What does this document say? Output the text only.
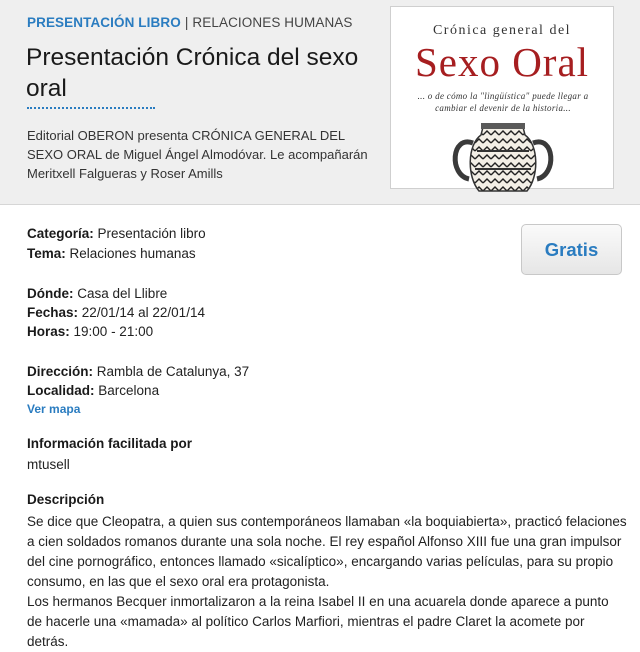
PRESENTACIÓN LIBRO | RELACIONES HUMANAS
Presentación Crónica del sexo oral

Editorial OBERON presenta CRÓNICA GENERAL DEL SEXO ORAL de Miguel Ángel Almodóvar. Le acompañarán Meritxell Falgueras y Roser Amills

Crónica general del
Sexo Oral
... o de cómo la "lingüística" puede llegar a cambiar el devenir de la historia...
Gratis
Categoría: Presentación libro
Tema: Relaciones humanas
Dónde: Casa del Llibre
Fechas: 22/01/14 al 22/01/14
Horas: 19:00 - 21:00
Dirección: Rambla de Catalunya, 37
Localidad: Barcelona
Ver mapa
Información facilitada por
mtusell
Descripción

Se dice que Cleopatra, a quien sus contemporáneos llamaban «la boquiabierta», practicó felaciones a cien soldados romanos durante una sola noche. El rey español Alfonso XIII fue una gran impulsor del cine pornográfico, entonces llamado «sicalíptico», encargando varias películas, para su propio consumo, en las que el sexo oral era protagonista.

Los hermanos Becquer inmortalizaron a la reina Isabel II en una acuarela donde aparece a punto de hacerle una «mamada» al político Carlos Marfiori, mientras el padre Claret la acomete por detrás.
